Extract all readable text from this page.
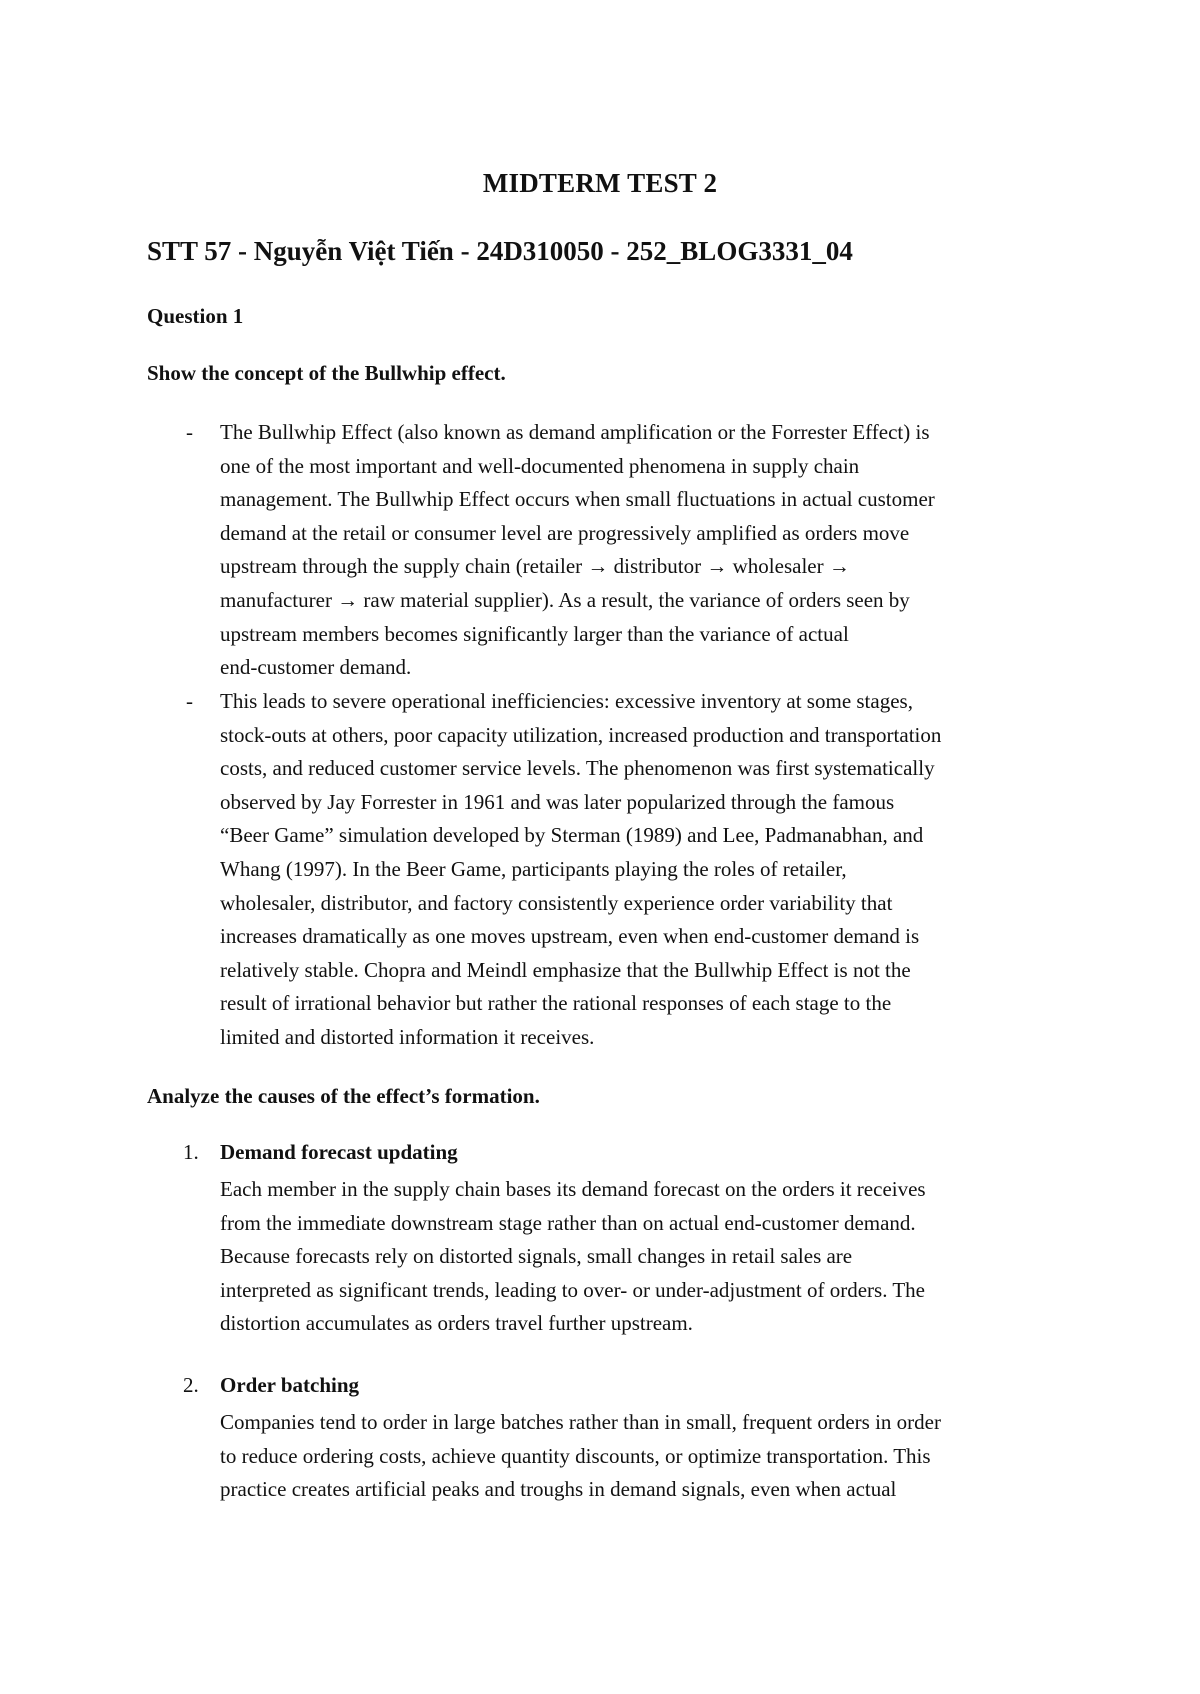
MIDTERM TEST 2
STT 57 - Nguyễn Việt Tiến - 24D310050 - 252_BLOG3331_04
Question 1
Show the concept of the Bullwhip effect.
- The Bullwhip Effect (also known as demand amplification or the Forrester Effect) is
one of the most important and well-documented phenomena in supply chain
management. The Bullwhip Effect occurs when small fluctuations in actual customer
demand at the retail or consumer level are progressively amplified as orders move
upstream through the supply chain (retailer → distributor → wholesaler →
manufacturer → raw material supplier). As a result, the variance of orders seen by
upstream members becomes significantly larger than the variance of actual
end-customer demand.
- This leads to severe operational inefficiencies: excessive inventory at some stages,
stock-outs at others, poor capacity utilization, increased production and transportation
costs, and reduced customer service levels. The phenomenon was first systematically
observed by Jay Forrester in 1961 and was later popularized through the famous
“Beer Game” simulation developed by Sterman (1989) and Lee, Padmanabhan, and
Whang (1997). In the Beer Game, participants playing the roles of retailer,
wholesaler, distributor, and factory consistently experience order variability that
increases dramatically as one moves upstream, even when end-customer demand is
relatively stable. Chopra and Meindl emphasize that the Bullwhip Effect is not the
result of irrational behavior but rather the rational responses of each stage to the
limited and distorted information it receives.
Analyze the causes of the effect’s formation.
1. Demand forecast updating
Each member in the supply chain bases its demand forecast on the orders it receives
from the immediate downstream stage rather than on actual end-customer demand.
Because forecasts rely on distorted signals, small changes in retail sales are
interpreted as significant trends, leading to over- or under-adjustment of orders. The
distortion accumulates as orders travel further upstream.
2. Order batching
Companies tend to order in large batches rather than in small, frequent orders in order
to reduce ordering costs, achieve quantity discounts, or optimize transportation. This
practice creates artificial peaks and troughs in demand signals, even when actual
